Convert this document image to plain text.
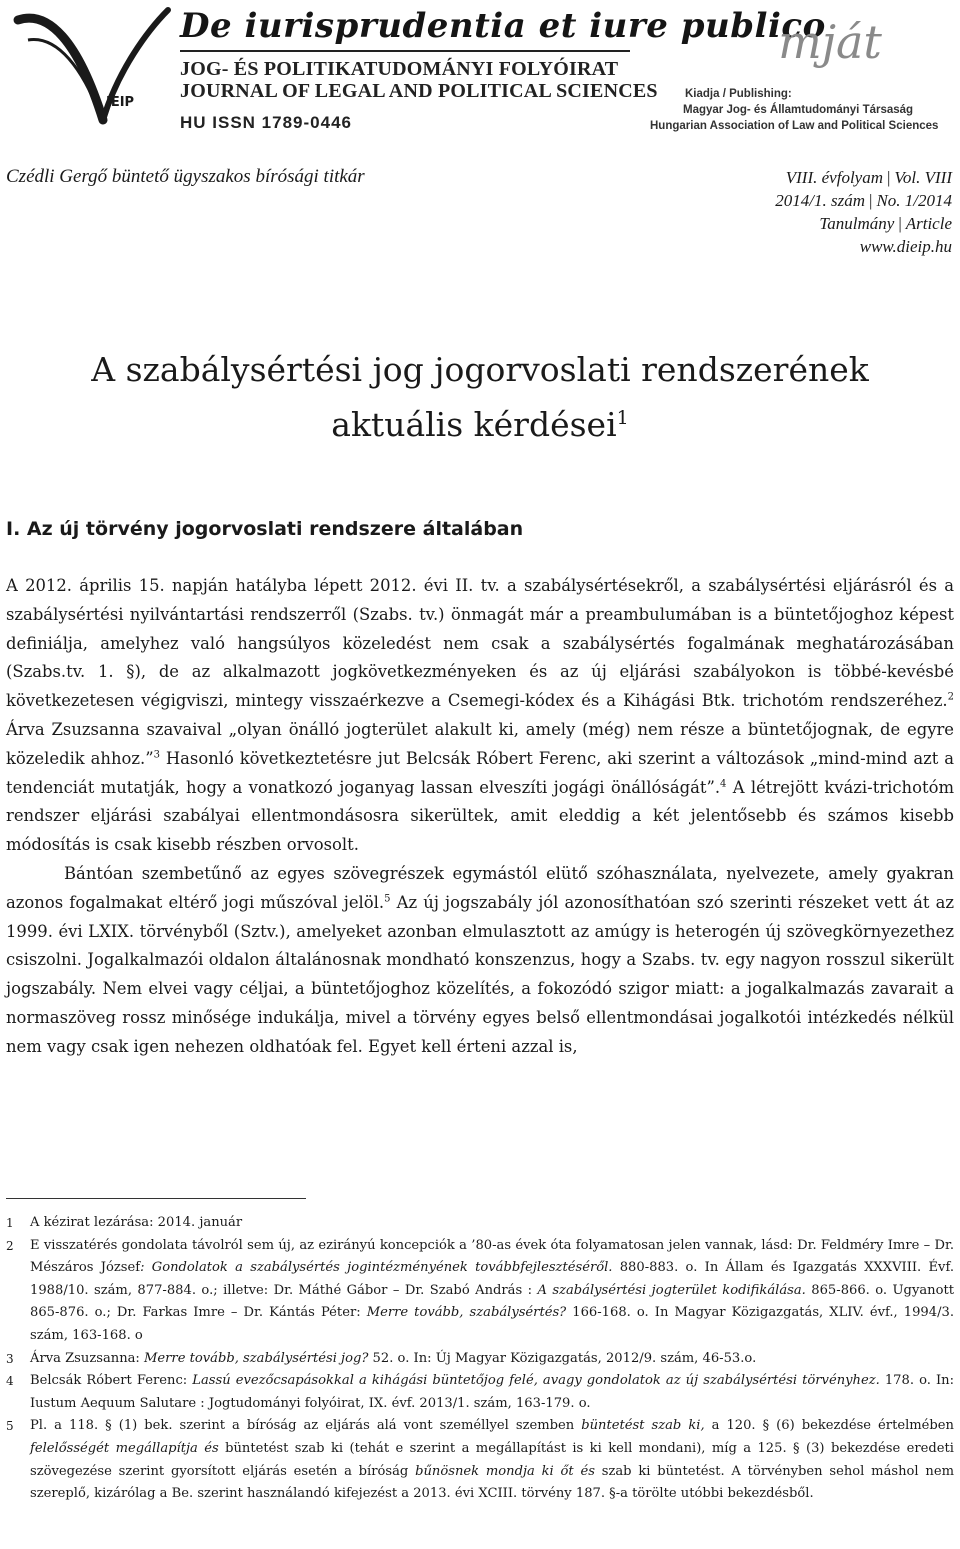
IEIP
De iurisprudentia et iure publico
JOG- ÉS POLITIKATUDOMÁNYI FOLYÓIRAT
JOURNAL OF LEGAL AND POLITICAL SCIENCES
HU ISSN 1789-0446
mját
Kiadja / Publishing:
Magyar Jog- és Államtudományi Társaság
Hungarian Association of Law and Political Sciences
Czédli Gergő büntető ügyszakos bírósági titkár	VIII. évfolyam | Vol. VIII
2014/1. szám | No. 1/2014
Tanulmány | Article
www.dieip.hu
A szabálysértési jog jogorvoslati rendszerének
aktuális kérdései$^1$
I. Az új törvény jogorvoslati rendszere általában

A 2012. április 15. napján hatályba lépett 2012. évi II. tv. a szabálysértésekről, a szabálysértési eljárásról és a szabálysértési nyilvántartási rendszerről (Szabs. tv.) önmagát már a preambulumában is a büntetőjoghoz képest definiálja, amelyhez való hangsúlyos közeledést nem csak a szabálysértés fogalmának meghatározásában (Szabs.tv. 1. §), de az alkalmazott jogkövetkezményeken és az új eljárási szabályokon is többé-kevésbé következetesen végigviszi, mintegy visszaérkezve a Csemegi-kódex és a Kihágási Btk. trichotóm rendszeréhez.$^2$ Árva Zsuzsanna szavaival „olyan önálló jogterület alakult ki, amely (még) nem része a büntetőjognak, de egyre közeledik ahhoz.”$^3$ Hasonló következtetésre jut Belcsák Róbert Ferenc, aki szerint a változások „mind-mind azt a tendenciát mutatják, hogy a vonatkozó joganyag lassan elveszíti jogági önállóságát”.$^4$ A létrejött kvázi-trichotóm rendszer eljárási szabályai ellentmondásosra sikerültek, amit eleddig a két jelentősebb és számos kisebb módosítás is csak kisebb részben orvosolt.

Bántóan szembetűnő az egyes szövegrészek egymástól elütő szóhasználata, nyelvezete, amely gyakran azonos fogalmakat eltérő jogi műszóval jelöl.$^5$ Az új jogszabály jól azonosíthatóan szó szerinti részeket vett át az 1999. évi LXIX. törvényből (Sztv.), amelyeket azonban elmulasztott az amúgy is heterogén új szövegkörnyezethez csiszolni. Jogalkalmazói oldalon általánosnak mondható konszenzus, hogy a Szabs. tv. egy nagyon rosszul sikerült jogszabály. Nem elvei vagy céljai, a büntetőjoghoz közelítés, a fokozódó szigor miatt: a jogalkalmazás zavarait a normaszöveg rossz minősége indukálja, mivel a törvény egyes belső ellentmondásai jogalkotói intézkedés nélkül nem vagy csak igen nehezen oldhatóak fel. Egyet kell érteni azzal is,

1 A kézirat lezárása: 2014. január

2 E visszatérés gondolata távolról sem új, az ezirányú koncepciók a ’80-as évek óta folyamatosan jelen vannak, lásd: Dr. Feldméry Imre – Dr. Mészáros József: Gondolatok a szabálysértés jogintézményének továbbfejlesztéséről. 880-883. o. In Állam és Igazgatás XXXVIII. Évf. 1988/10. szám, 877-884. o.; illetve: Dr. Máthé Gábor – Dr. Szabó András : A szabálysértési jogterület kodifikálása. 865-866. o. Ugyanott 865-876. o.; Dr. Farkas Imre – Dr. Kántás Péter: Merre tovább, szabálysértés? 166-168. o. In Magyar Közigazgatás, XLIV. évf., 1994/3. szám, 163-168. o

3 Árva Zsuzsanna: Merre tovább, szabálysértési jog? 52. o. In: Új Magyar Közigazgatás, 2012/9. szám, 46-53.o.

4 Belcsák Róbert Ferenc: Lassú evezőcsapásokkal a kihágási büntetőjog felé, avagy gondolatok az új szabálysértési törvényhez. 178. o. In: Iustum Aequum Salutare : Jogtudományi folyóirat, IX. évf. 2013/1. szám, 163-179. o.

5 Pl. a 118. § (1) bek. szerint a bíróság az eljárás alá vont személlyel szemben büntetést szab ki, a 120. § (6) bekezdése értelmében felelősségét megállapítja és büntetést szab ki (tehát e szerint a megállapítást is ki kell mondani), míg a 125. § (3) bekezdése eredeti szövegezése szerint gyorsított eljárás esetén a bíróság bűnösnek mondja ki őt és szab ki büntetést. A törvényben sehol máshol nem szereplő, kizárólag a Be. szerint használandó kifejezést a 2013. évi XCIII. törvény 187. §-a törölte utóbbi bekezdésből.
